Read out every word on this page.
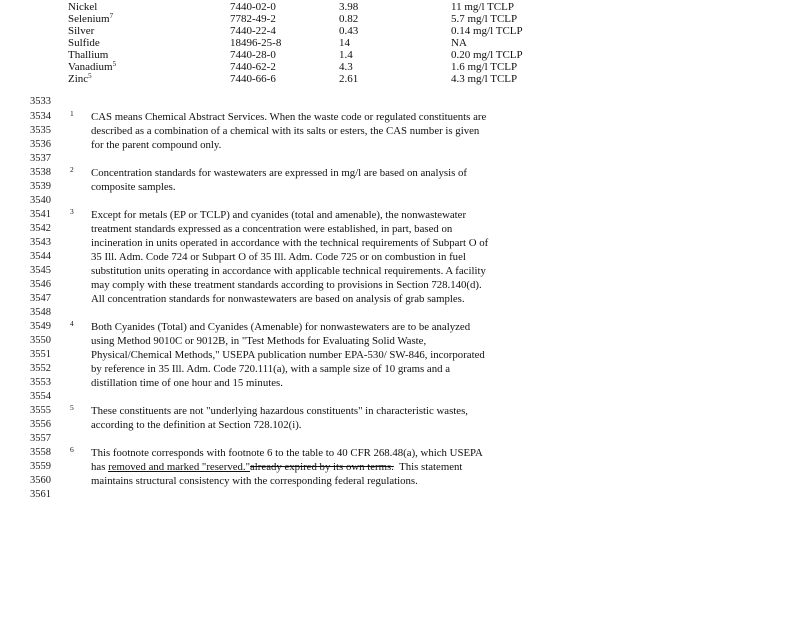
Nickel	7440-02-0	3.98	11 mg/l TCLP
Selenium$^7$	7782-49-2	0.82	5.7 mg/l TCLP
Silver	7440-22-4	0.43	0.14 mg/l TCLP
Sulfide	18496-25-8	14	NA
Thallium	7440-28-0	1.4	0.20 mg/l TCLP
Vanadium$^5$	7440-62-2	4.3	1.6 mg/l TCLP
Zinc$^5$	7440-66-6	2.61	4.3 mg/l TCLP
3533
3534
3535
3536
3537
3538
3539
3540
3541
3542
3543
3544
3545
3546
3547
3548
3549
3550
3551
3552
3553
3554
3555
3556
3557
3558
3559
3560
3561
1 CAS means Chemical Abstract Services. When the waste code or regulated constituents are
described as a combination of a chemical with its salts or esters, the CAS number is given
for the parent compound only.
2 Concentration standards for wastewaters are expressed in mg/l are based on analysis of
composite samples.
3 Except for metals (EP or TCLP) and cyanides (total and amenable), the nonwastewater
treatment standards expressed as a concentration were established, in part, based on
incineration in units operated in accordance with the technical requirements of Subpart O of
35 Ill. Adm. Code 724 or Subpart O of 35 Ill. Adm. Code 725 or on combustion in fuel
substitution units operating in accordance with applicable technical requirements. A facility
may comply with these treatment standards according to provisions in Section 728.140(d).
All concentration standards for nonwastewaters are based on analysis of grab samples.
4 Both Cyanides (Total) and Cyanides (Amenable) for nonwastewaters are to be analyzed
using Method 9010C or 9012B, in "Test Methods for Evaluating Solid Waste,
Physical/Chemical Methods," USEPA publication number EPA-530/ SW-846, incorporated
by reference in 35 Ill. Adm. Code 720.111(a), with a sample size of 10 grams and a
distillation time of one hour and 15 minutes.
5 These constituents are not "underlying hazardous constituents" in characteristic wastes,
according to the definition at Section 728.102(i).
6 This footnote corresponds with footnote 6 to the table to 40 CFR 268.48(a), which USEPA
has removed and marked "reserved."already expired by its own terms.  This statement
maintains structural consistency with the corresponding federal regulations.
